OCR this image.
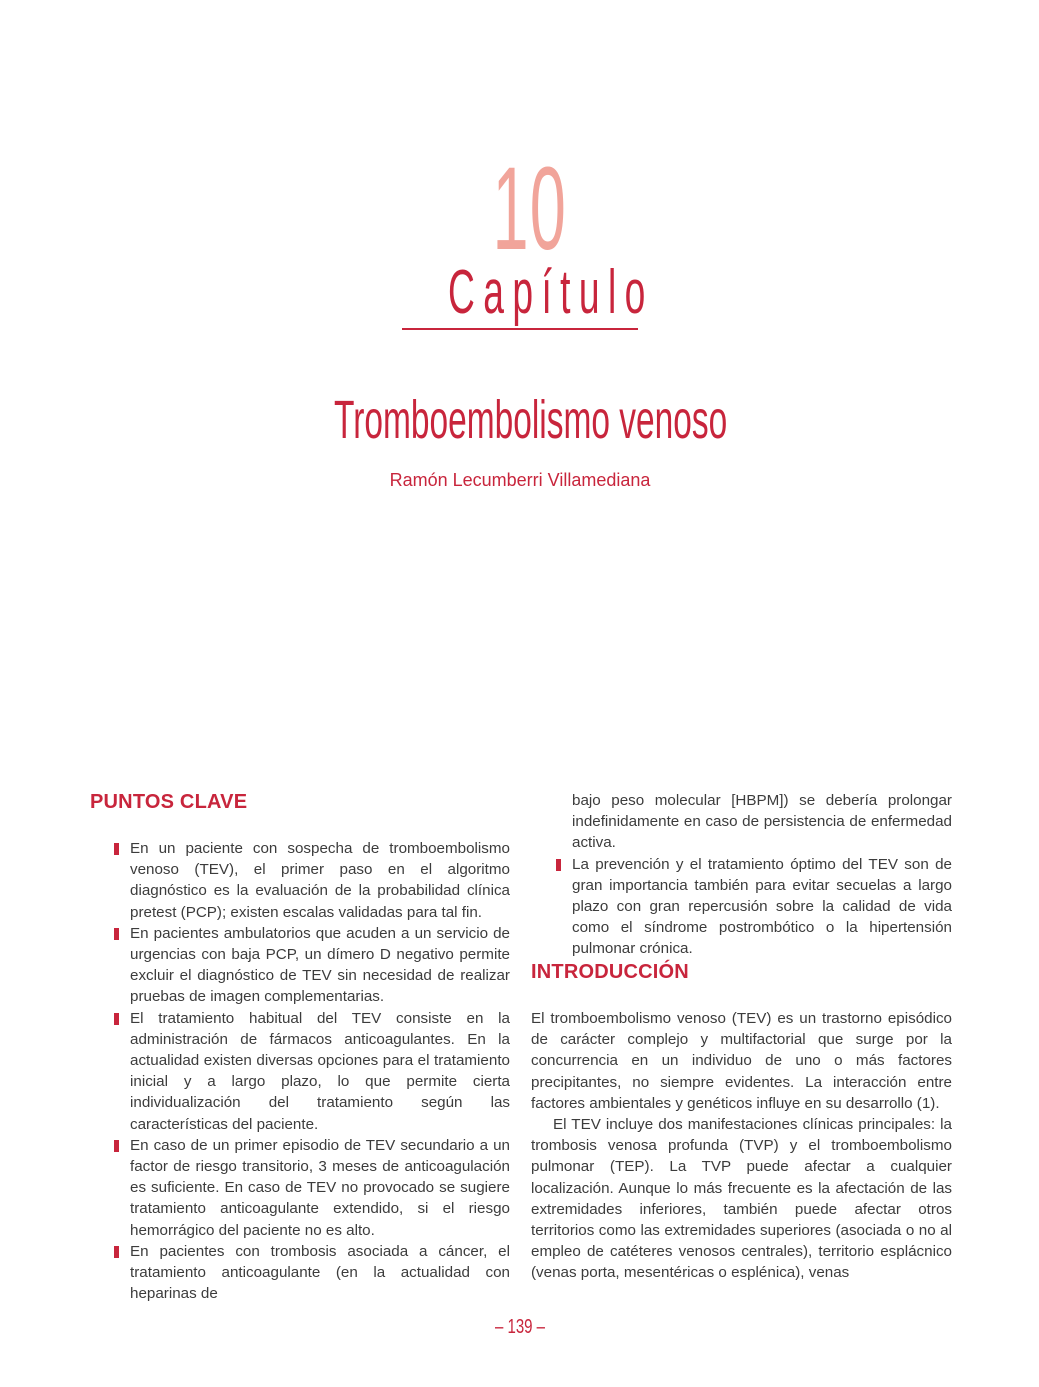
10
Capítulo
Tromboembolismo venoso
Ramón Lecumberri Villamediana
PUNTOS CLAVE
En un paciente con sospecha de tromboembolismo venoso (TEV), el primer paso en el algoritmo diagnóstico es la evaluación de la probabilidad clínica pretest (PCP); existen escalas validadas para tal fin.
En pacientes ambulatorios que acuden a un servicio de urgencias con baja PCP, un dímero D negativo permite excluir el diagnóstico de TEV sin necesidad de realizar pruebas de imagen complementarias.
El tratamiento habitual del TEV consiste en la administración de fármacos anticoagulantes. En la actualidad existen diversas opciones para el tratamiento inicial y a largo plazo, lo que permite cierta individualización del tratamiento según las características del paciente.
En caso de un primer episodio de TEV secundario a un factor de riesgo transitorio, 3 meses de anticoagulación es suficiente. En caso de TEV no provocado se sugiere tratamiento anticoagulante extendido, si el riesgo hemorrágico del paciente no es alto.
En pacientes con trombosis asociada a cáncer, el tratamiento anticoagulante (en la actualidad con heparinas de
bajo peso molecular [HBPM]) se debería prolongar indefinidamente en caso de persistencia de enfermedad activa.
La prevención y el tratamiento óptimo del TEV son de gran importancia también para evitar secuelas a largo plazo con gran repercusión sobre la calidad de vida como el síndrome postrombótico o la hipertensión pulmonar crónica.
INTRODUCCIÓN

El tromboembolismo venoso (TEV) es un trastorno episódico de carácter complejo y multifactorial que surge por la concurrencia en un individuo de uno o más factores precipitantes, no siempre evidentes. La interacción entre factores ambientales y genéticos influye en su desarrollo (1).

El TEV incluye dos manifestaciones clínicas principales: la trombosis venosa profunda (TVP) y el tromboembolismo pulmonar (TEP). La TVP puede afectar a cualquier localización. Aunque lo más frecuente es la afectación de las extremidades inferiores, también puede afectar otros territorios como las extremidades superiores (asociada o no al empleo de catéteres venosos centrales), territorio esplácnico (venas porta, mesentéricas o esplénica), venas

– 139 –
